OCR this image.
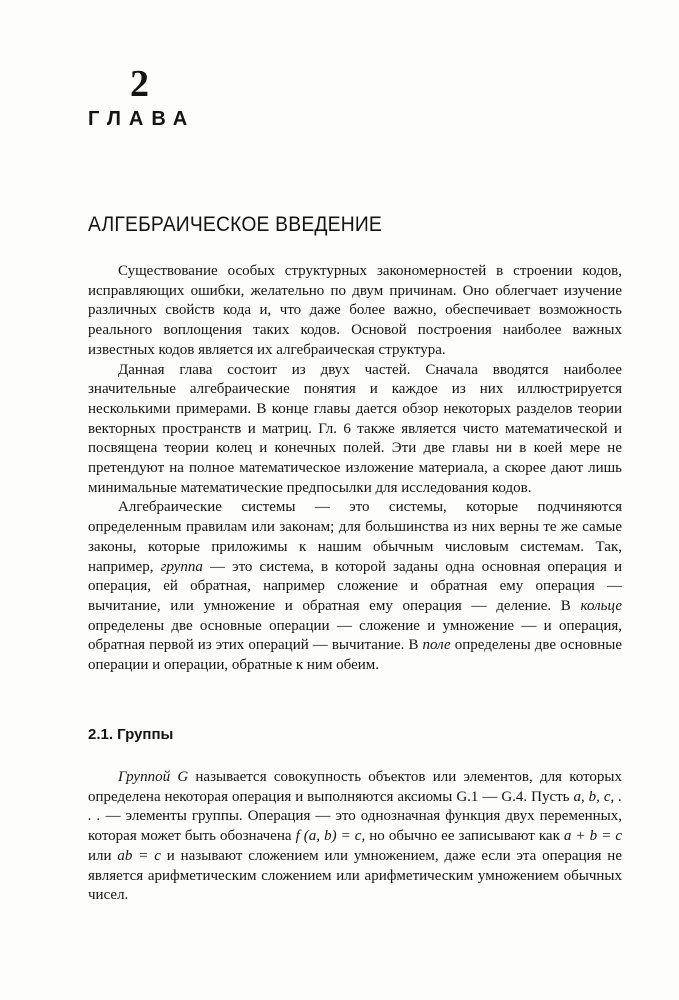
2
ГЛАВА
АЛГЕБРАИЧЕСКОЕ ВВЕДЕНИЕ

Существование особых структурных закономерностей в строении кодов, исправляющих ошибки, желательно по двум причинам. Оно облегчает изучение различных свойств кода и, что даже более важно, обеспечивает возможность реального воплощения таких кодов. Основой построения наиболее важных известных кодов является их алгебраическая структура.

Данная глава состоит из двух частей. Сначала вводятся наиболее значительные алгебраические понятия и каждое из них иллюстрируется несколькими примерами. В конце главы дается обзор некоторых разделов теории векторных пространств и матриц. Гл. 6 также является чисто математической и посвящена теории колец и конечных полей. Эти две главы ни в коей мере не претендуют на полное математическое изложение материала, а скорее дают лишь минимальные математические предпосылки для исследования кодов.

Алгебраические системы — это системы, которые подчиняются определенным правилам или законам; для большинства из них верны те же самые законы, которые приложимы к нашим обычным числовым системам. Так, например, группа — это система, в которой заданы одна основная операция и операция, ей обратная, например сложение и обратная ему операция — вычитание, или умножение и обратная ему операция — деление. В кольце определены две основные операции — сложение и умножение — и операция, обратная первой из этих операций — вычитание. В поле определены две основные операции и операции, обратные к ним обеим.

2.1. Группы

Группой G называется совокупность объектов или элементов, для которых определена некоторая операция и выполняются аксиомы G.1 — G.4. Пусть a, b, c, . . . — элементы группы. Операция — это однозначная функция двух переменных, которая может быть обозначена f (a, b) = c, но обычно ее записывают как a + b = c или ab = c и называют сложением или умножением, даже если эта операция не является арифметическим сложением или арифметическим умножением обычных чисел.
